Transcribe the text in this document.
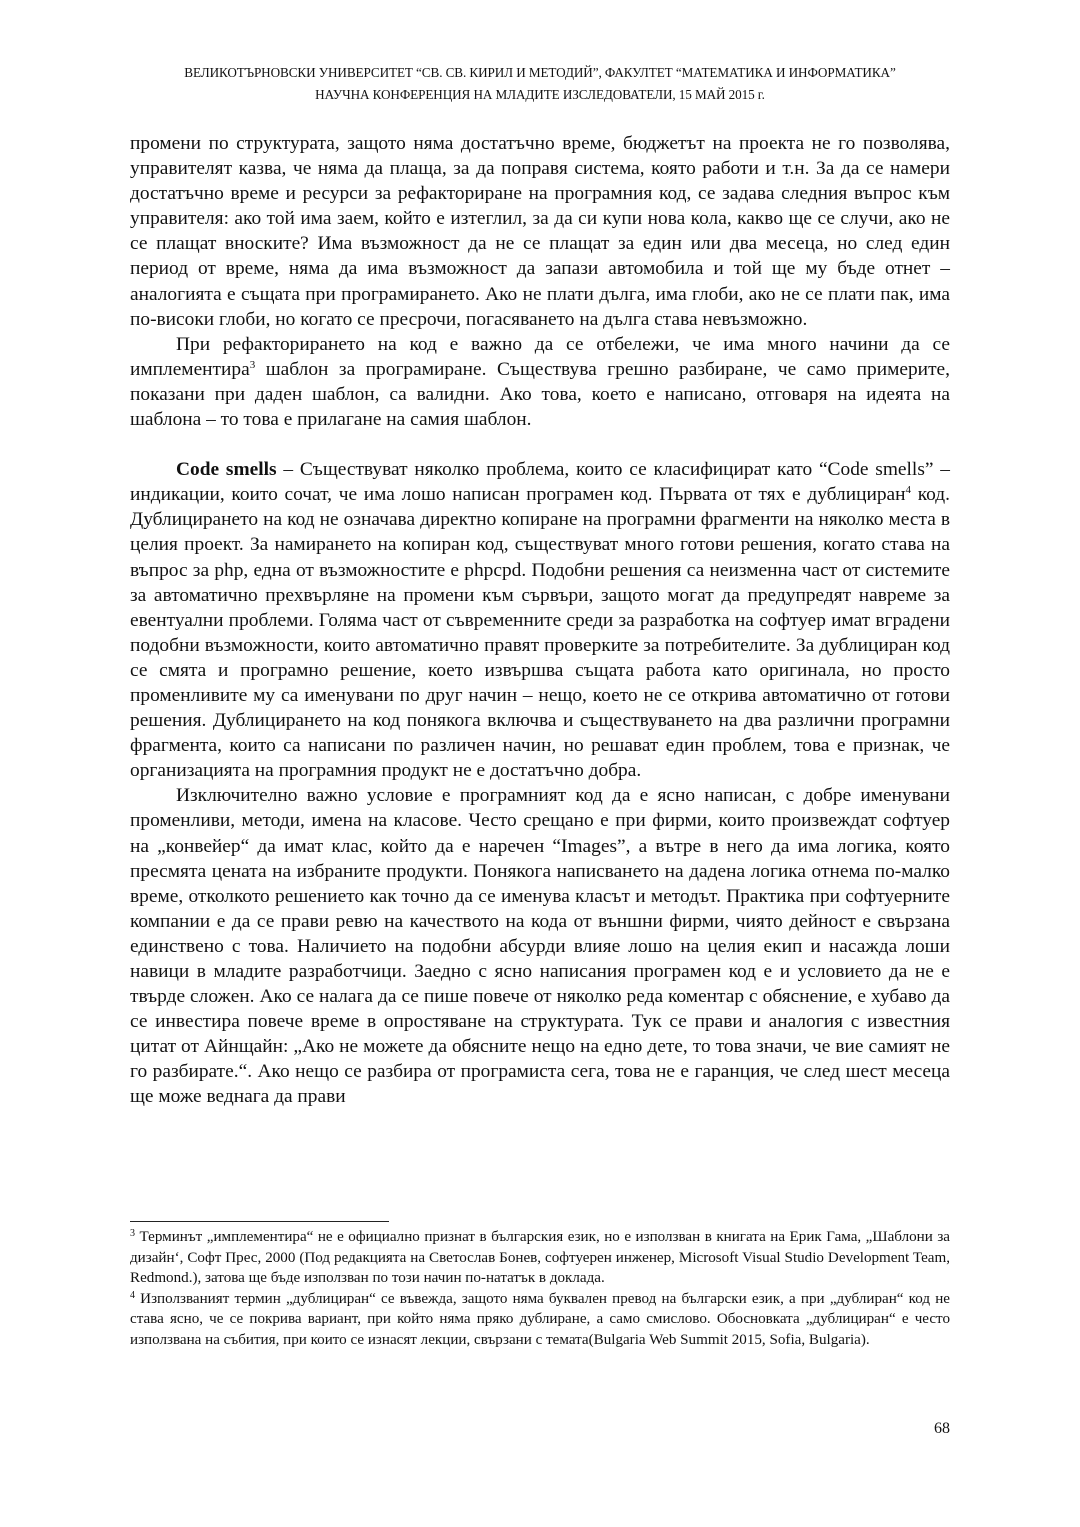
ВЕЛИКОТЪРНОВСКИ УНИВЕРСИТЕТ “СВ. СВ. КИРИЛ И МЕТОДИЙ”, ФАКУЛТЕТ “МАТЕМАТИКА И ИНФОРМАТИКА”
НАУЧНА КОНФЕРЕНЦИЯ НА МЛАДИТЕ ИЗСЛЕДОВАТЕЛИ, 15 МАЙ 2015 г.

промени по структурата, защото няма достатъчно време, бюджетът на проекта не го позволява, управителят казва, че няма да плаща, за да поправя система, която работи и т.н. За да се намери достатъчно време и ресурси за рефакториране на програмния код, се задава следния въпрос към управителя: ако той има заем, който е изтеглил, за да си купи нова кола, какво ще се случи, ако не се плащат вноските? Има възможност да не се плащат за един или два месеца, но след един период от време, няма да има възможност да запази автомобила и той ще му бъде отнет – аналогията е същата при програмирането. Ако не плати дълга, има глоби, ако не се плати пак, има по-високи глоби, но когато се пресрочи, погасяването на дълга става невъзможно.

При рефакторирането на код е важно да се отбележи, че има много начини да се имплементира$^3$ шаблон за програмиране. Съществува грешно разбиране, че само примерите, показани при даден шаблон, са валидни. Ако това, което е написано, отговаря на идеята на шаблона – то това е прилагане на самия шаблон.

Code smells – Съществуват няколко проблема, които се класифицират като “Code smells” – индикации, които сочат, че има лошо написан програмен код. Първата от тях е дублициран$^4$ код. Дублицирането на код не означава директно копиране на програмни фрагменти на няколко места в целия проект. За намирането на копиран код, съществуват много готови решения, когато става на въпрос за php, една от възможностите е phpcpd. Подобни решения са неизменна част от системите за автоматично прехвърляне на промени към сървъри, защото могат да предупредят навреме за евентуални проблеми. Голяма част от съвременните среди за разработка на софтуер имат вградени подобни възможности, които автоматично правят проверките за потребителите. За дублициран код се смята и програмно решение, което извършва същата работа като оригинала, но просто променливите му са именувани по друг начин – нещо, което не се открива автоматично от готови решения. Дублицирането на код понякога включва и съществуването на два различни програмни фрагмента, които са написани по различен начин, но решават един проблем, това е признак, че организацията на програмния продукт не е достатъчно добра.

Изключително важно условие е програмният код да е ясно написан, с добре именувани променливи, методи, имена на класове. Често срещано е при фирми, които произвеждат софтуер на „конвейер“ да имат клас, който да е наречен “Images”, а вътре в него да има логика, която пресмята цената на избраните продукти. Понякога написването на дадена логика отнема по-малко време, отколкото решението как точно да се именува класът и методът. Практика при софтуерните компании е да се прави ревю на качеството на кода от външни фирми, чиято дейност е свързана единствено с това. Наличието на подобни абсурди влияе лошо на целия екип и насажда лоши навици в младите разработчици. Заедно с ясно написания програмен код е и условието да не е твърде сложен. Ако се налага да се пише повече от няколко реда коментар с обяснение, е хубаво да се инвестира повече време в опростяване на структурата. Тук се прави и аналогия с известния цитат от Айнщайн: „Ако не можете да обясните нещо на едно дете, то това значи, че вие самият не го разбирате.“. Ако нещо се разбира от програмиста сега, това не е гаранция, че след шест месеца ще може веднага да прави

$^3$ Терминът „имплементира“ не е официално признат в българския език, но е използван в книгата на Ерик Гама, „Шаблони за дизайн‘, Софт Прес, 2000 (Под редакцията на Светослав Бонев, софтуерен инженер, Microsoft Visual Studio Development Team, Redmond.), затова ще бъде използван по този начин по-нататък в доклада.

$^4$ Използваният термин „дублициран“ се въвежда, защото няма буквален превод на български език, а при „дублиран“ код не става ясно, че се покрива вариант, при който няма пряко дублиране, а само смислово. Обосновката „дублициран“ е често използвана на събития, при които се изнасят лекции, свързани с темата(Bulgaria Web Summit 2015, Sofia, Bulgaria).

68
